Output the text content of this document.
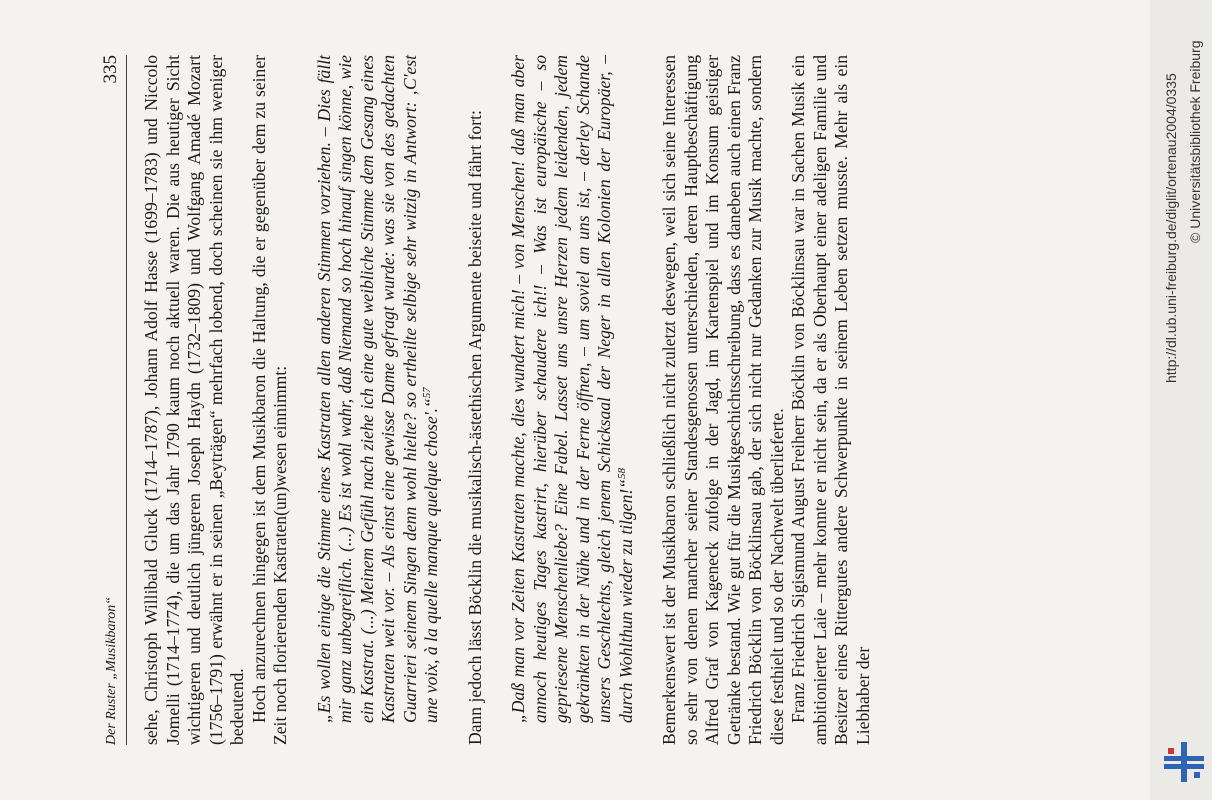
Der Ruster „Musikbaron“
335 sehe, Christoph Willibald Gluck (1714–1787), Johann Adolf Hasse (1699–1783) und Niccolo Jomelli (1714–1774), die um das Jahr 1790 kaum noch aktuell waren. Die aus heutiger Sicht wichtigeren und deutlich jüngeren Joseph Haydn (1732–1809) und Wolfgang Amadé Mozart (1756–1791) erwähnt er in seinen „Beyträgen“ mehrfach lobend, doch scheinen sie ihm weniger bedeutend. Hoch anzurechnen hingegen ist dem Musikbaron die Haltung, die er gegenüber dem zu seiner Zeit noch florierenden Kastraten(un)wesen einnimmt: „Es wollen einige die Stimme eines Kastraten allen anderen Stimmen vorziehen. – Dies fällt mir ganz unbegreiflich. (...) Es ist wohl wahr, daß Niemand so hoch hinauf singen könne, wie ein Kastrat. (...) Meinem Gefühl nach ziehe ich eine gute weibliche Stimme dem Gesang eines Kastraten weit vor. – Als einst eine gewisse Dame gefragt wurde: was sie von des gedachten Guarrieri seinem Singen denn wohl hielte? so ertheilte selbige sehr witzig in Antwort: ‚C'est une voix, à la quelle manque quelque chose'.“$^{57}$	Dann jedoch lässt Böcklin die musikalisch-ästethischen Argumente beiseite und fährt fort: „Daß man vor Zeiten Kastraten machte, dies wundert mich! – von Menschen! daß man aber annoch heutiges Tages kastrirt, hierüber schaudere ich!! – Was ist europäische – so gepriesene Menschenliebe? Eine Fabel. Lasset uns unsre Herzen jedem leidenden, jedem gekränkten in der Nähe und in der Ferne öffnen, – um soviel an uns ist, – derley Schande unsers Geschlechts, gleich jenem Schicksaal der Neger in allen Kolonien der Europäer, – durch Wohlthun wieder zu tilgen!“$^{58}$	Bemerkenswert ist der Musikbaron schließlich nicht zuletzt deswegen, weil sich seine Interessen so sehr von denen mancher seiner Standesgenossen unterschieden, deren Hauptbeschäftigung Alfred Graf von Kageneck zufolge in der Jagd, im Kartenspiel und im Konsum geistiger Getränke bestand. Wie gut für die Musikgeschichtsschreibung, dass es daneben auch einen Franz Friedrich Böcklin von Böcklinsau gab, der sich nicht nur Gedanken zur Musik machte, sondern diese festhielt und so der Nachwelt überlieferte. Franz Friedrich Sigismund August Freiherr Böcklin von Böcklinsau war in Sachen Musik ein ambitionierter Laie – mehr konnte er nicht sein, da er als Oberhaupt einer adeligen Familie und Besitzer eines Rittergutes andere Schwerpunkte in seinem Leben setzen musste. Mehr als ein Liebhaber der

http://dl.ub.uni-freiburg.de/diglit/ortenau2004/0335 © Universitätsbibliothek Freiburg
